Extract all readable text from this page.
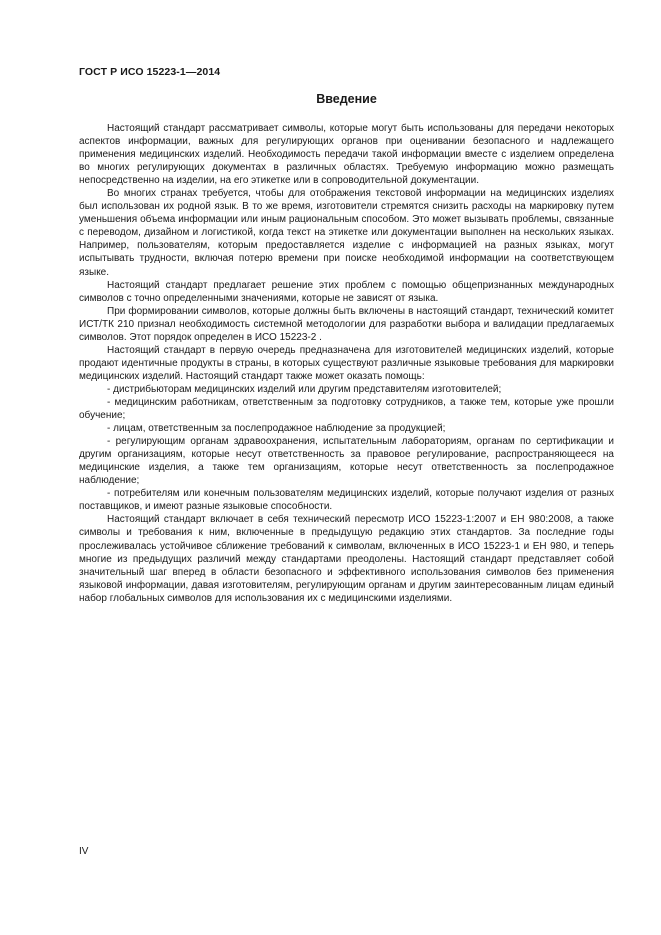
ГОСТ Р ИСО 15223-1—2014
Введение

Настоящий стандарт рассматривает символы, которые могут быть использованы для передачи некоторых аспектов информации, важных для регулирующих органов при оценивании безопасного и надлежащего применения медицинских изделий. Необходимость передачи такой информации вместе с изделием определена во многих регулирующих документах в различных областях. Требуемую информацию можно размещать непосредственно на изделии, на его этикетке или в сопроводительной документации.

Во многих странах требуется, чтобы для отображения текстовой информации на медицинских изделиях был использован их родной язык. В то же время, изготовители стремятся снизить расходы на маркировку путем уменьшения объема информации или иным рациональным способом. Это может вызывать проблемы, связанные с переводом, дизайном и логистикой, когда текст на этикетке или документации выполнен на нескольких языках. Например, пользователям, которым предоставляется изделие с информацией на разных языках, могут испытывать трудности, включая потерю времени при поиске необходимой информации на соответствующем языке.

Настоящий стандарт предлагает решение этих проблем с помощью общепризнанных международных символов с точно определенными значениями, которые не зависят от языка.

При формировании символов, которые должны быть включены в настоящий стандарт, технический комитет ИСТ/ТК 210 признал необходимость системной методологии для разработки выбора и валидации предлагаемых символов. Этот порядок определен в ИСО 15223-2 .

Настоящий стандарт в первую очередь предназначена для изготовителей медицинских изделий, которые продают идентичные продукты в страны, в которых существуют различные языковые требования для маркировки медицинских изделий. Настоящий стандарт также может оказать помощь:

- дистрибьюторам медицинских изделий или другим представителям изготовителей;

- медицинским работникам, ответственным за подготовку сотрудников, а также тем, которые уже прошли обучение;

- лицам, ответственным за послепродажное наблюдение за продукцией;

- регулирующим органам здравоохранения, испытательным лабораториям, органам по сертификации и другим организациям, которые несут ответственность за правовое регулирование, распространяющееся на медицинские изделия, а также тем организациям, которые несут ответственность за послепродажное наблюдение;

- потребителям или конечным пользователям медицинских изделий, которые получают изделия от разных поставщиков, и имеют разные языковые способности.

Настоящий стандарт включает в себя технический пересмотр ИСО 15223-1:2007 и ЕН 980:2008, а также символы и требования к ним, включенные в предыдущую редакцию этих стандартов. За последние годы прослеживалась устойчивое сближение требований к символам, включенных в ИСО 15223-1 и ЕН 980, и теперь многие из предыдущих различий между стандартами преодолены. Настоящий стандарт представляет собой значительный шаг вперед в области безопасного и эффективного использования символов без применения языковой информации, давая изготовителям, регулирующим органам и другим заинтересованным лицам единый набор глобальных символов для использования их с медицинскими изделиями.

IV
